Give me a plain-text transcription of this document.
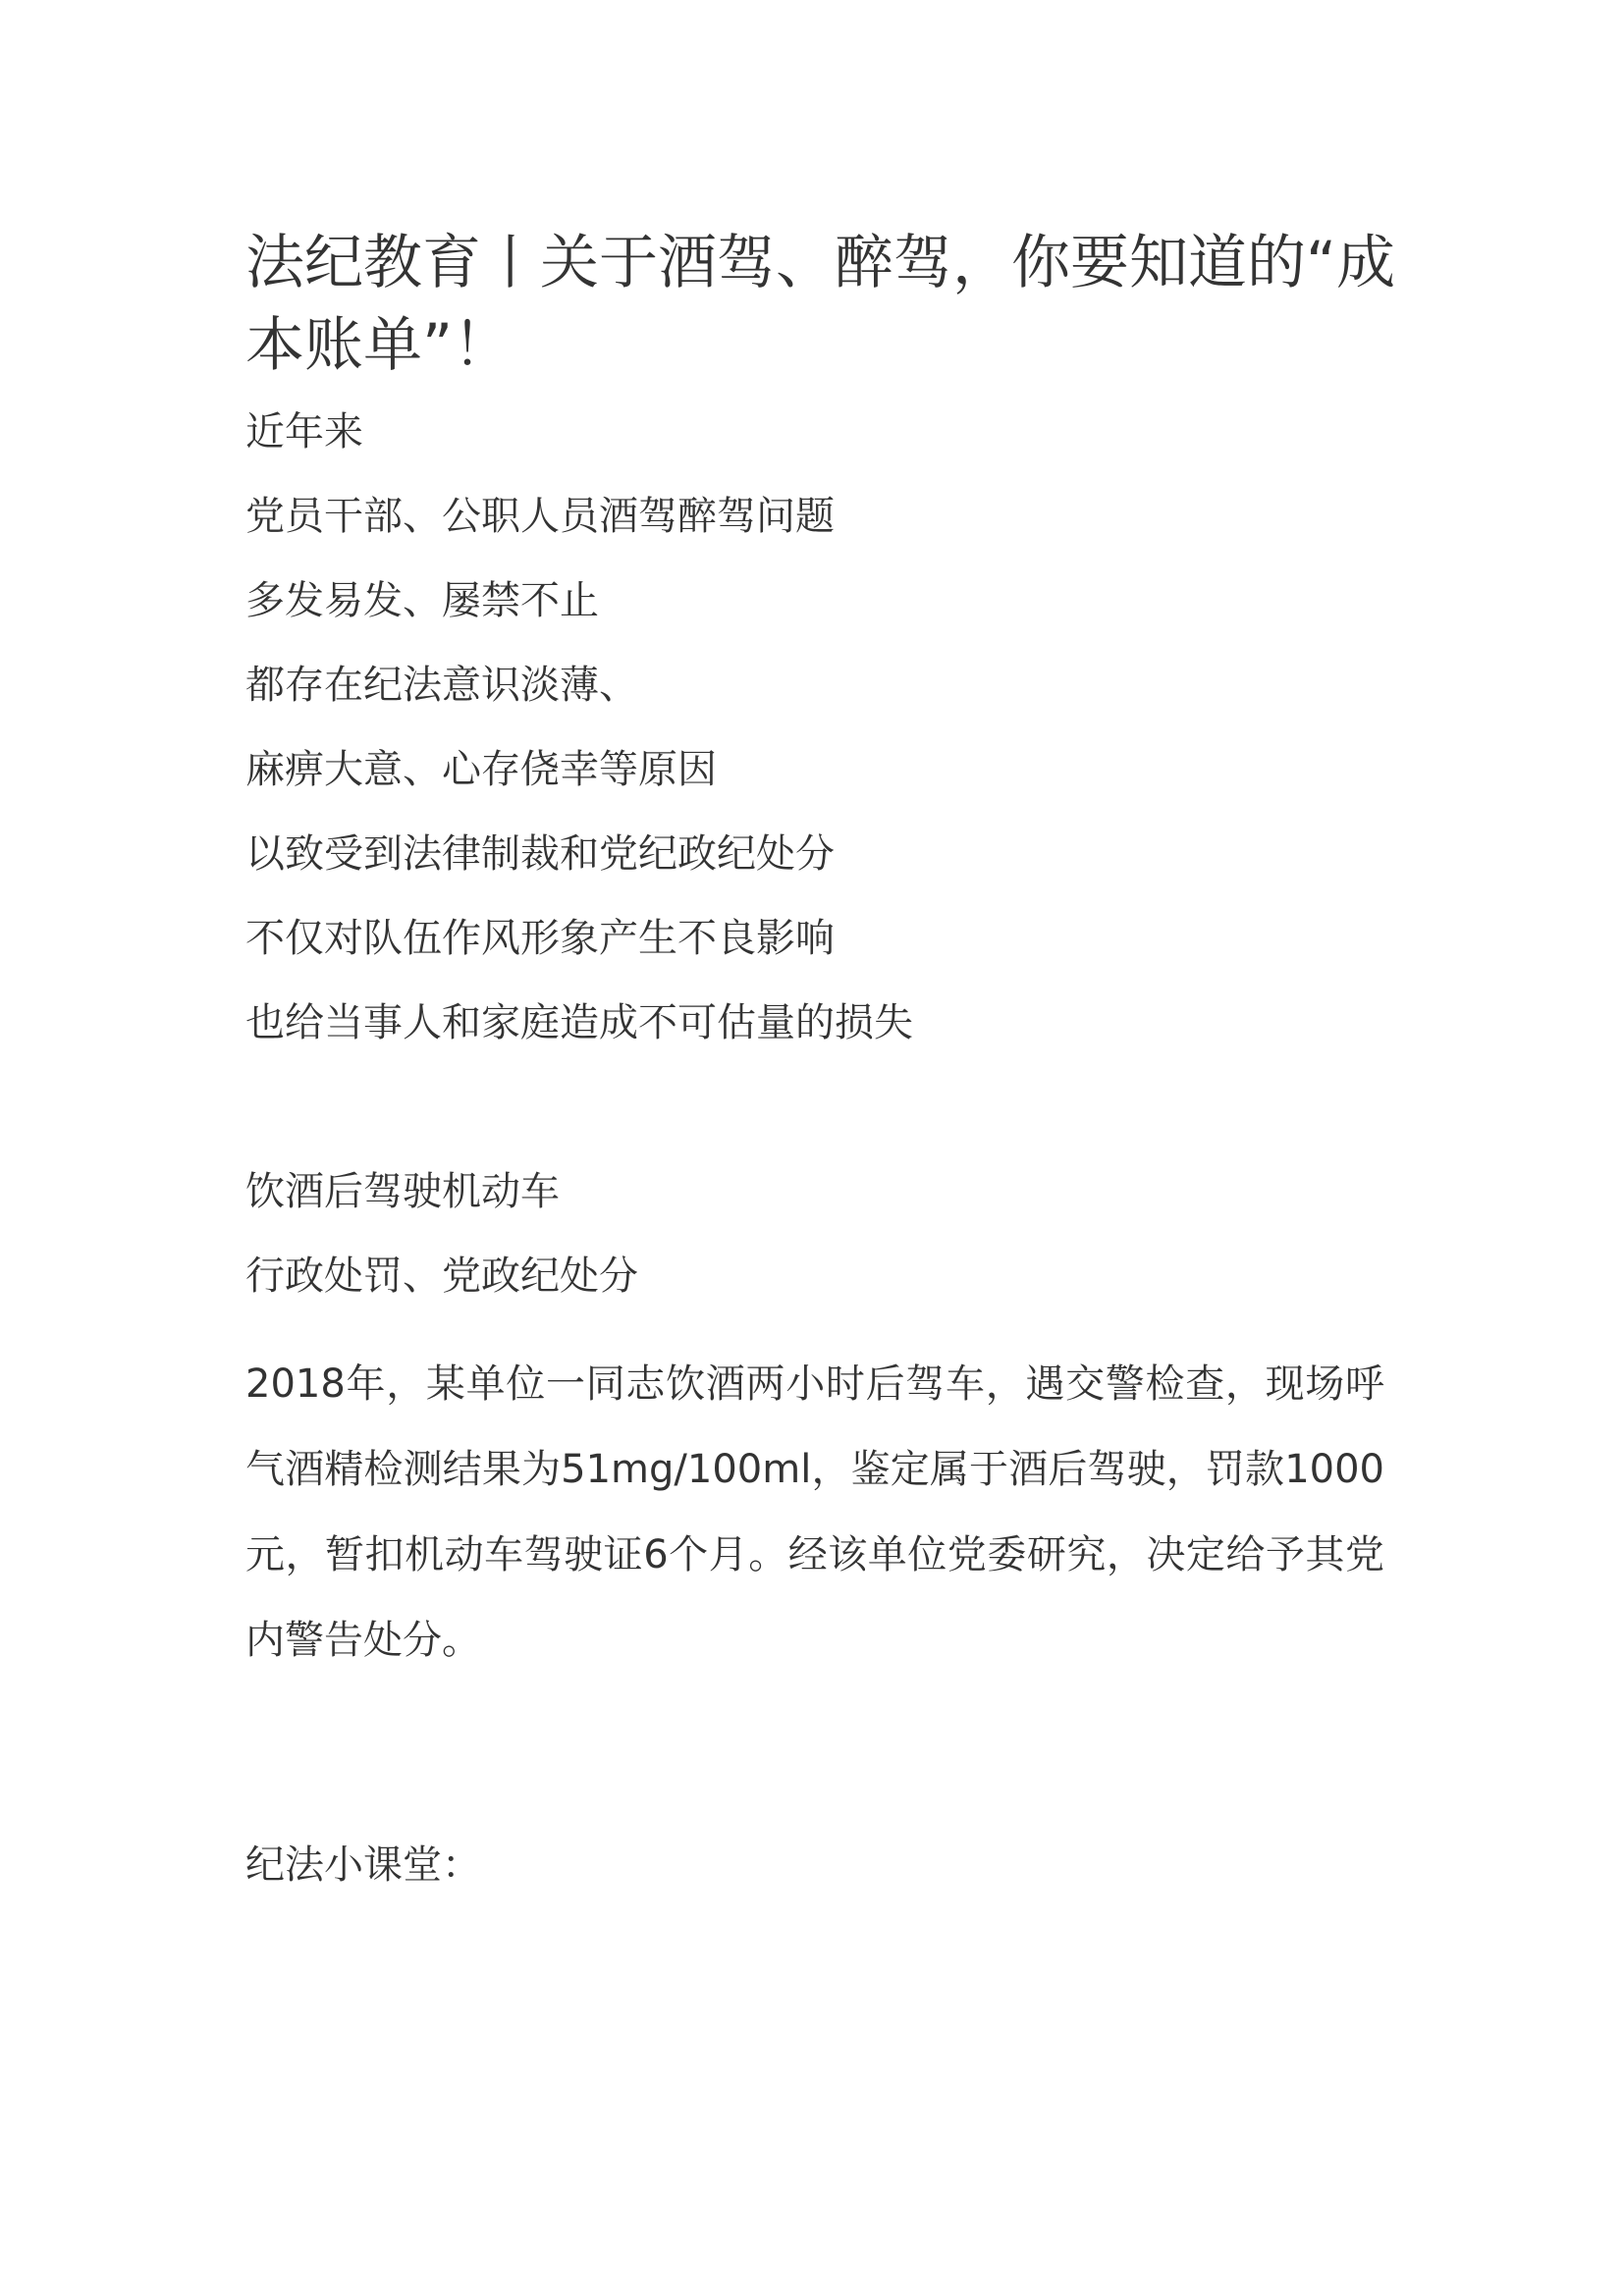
法纪教育丨关于酒驾、醉驾，你要知道的“成本账单”！

近年来

党员干部、公职人员酒驾醉驾问题

多发易发、屡禁不止

都存在纪法意识淡薄、

麻痹大意、心存侥幸等原因

以致受到法律制裁和党纪政纪处分

不仅对队伍作风形象产生不良影响

也给当事人和家庭造成不可估量的损失

饮酒后驾驶机动车

行政处罚、党政纪处分

2018年，某单位一同志饮酒两小时后驾车，遇交警检查，现场呼气酒精检测结果为51mg/100ml，鉴定属于酒后驾驶，罚款1000元，暂扣机动车驾驶证6个月。经该单位党委研究，决定给予其党内警告处分。

纪法小课堂：
